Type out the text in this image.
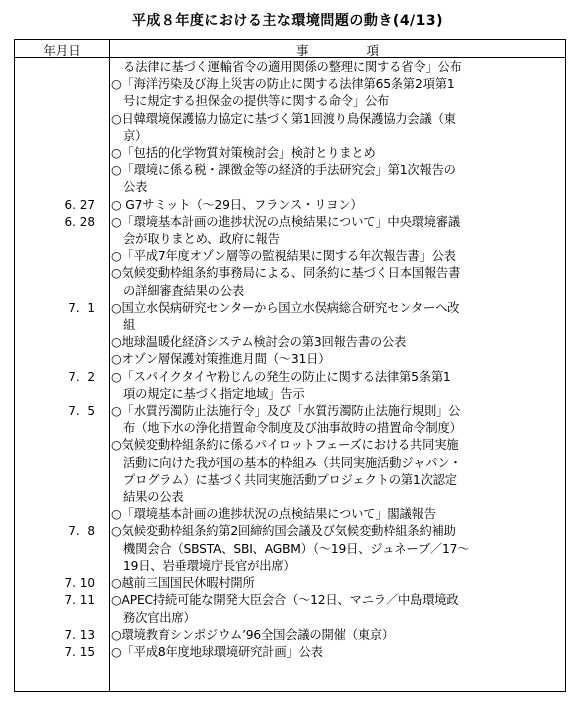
平成８年度における主な環境問題の動き(4/13)
年月日	事項
る法律に基づく運輸省令の適用関係の整理に関する省令」公布
○「海洋汚染及び海上災害の防止に関する法律第65条第2項第1
号に規定する担保金の提供等に関する命令」公布
○日韓環境保護協力協定に基づく第1回渡り鳥保護協力会議（東
京）
○「包括的化学物質対策検討会」検討とりまとめ
○「環境に係る税・課徴金等の経済的手法研究会」第1次報告の
公表
6. 27	○ G7サミット（～29日、フランス・リヨン）
6. 28	○「環境基本計画の進捗状況の点検結果について」中央環境審議
会が取りまとめ、政府に報告
○「平成7年度オゾン層等の監視結果に関する年次報告書」公表
○気候変動枠組条約事務局による、同条約に基づく日本国報告書
の詳細審査結果の公表
7.  1	○国立水俣病研究センターから国立水俣病総合研究センターへ改
組
○地球温暖化経済システム検討会の第3回報告書の公表
○オゾン層保護対策推進月間（～31日）
7.  2	○「スパイクタイヤ粉じんの発生の防止に関する法律第5条第1
項の規定に基づく指定地域」告示
7.  5	○「水質汚濁防止法施行令」及び「水質汚濁防止法施行規則」公
布（地下水の浄化措置命令制度及び油事故時の措置命令制度）
○気候変動枠組条約に係るパイロットフェーズにおける共同実施
活動に向けた我が国の基本的枠組み（共同実施活動ジャパン・
プログラム）に基づく共同実施活動プロジェクトの第1次認定
結果の公表
○「環境基本計画の進捗状況の点検結果について」閣議報告
7.  8	○気候変動枠組条約第2回締約国会議及び気候変動枠組条約補助
機関会合（SBSTA、SBI、AGBM）（～19日、ジュネーブ／17～
19日、岩垂環境庁長官が出席）
7. 10	○越前三国国民休暇村開所
7. 11	○APEC持続可能な開発大臣会合（～12日、マニラ／中島環境政
務次官出席）
7. 13	○環境教育シンポジウム’96全国会議の開催（東京）
7. 15	○「平成8年度地球環境研究計画」公表
